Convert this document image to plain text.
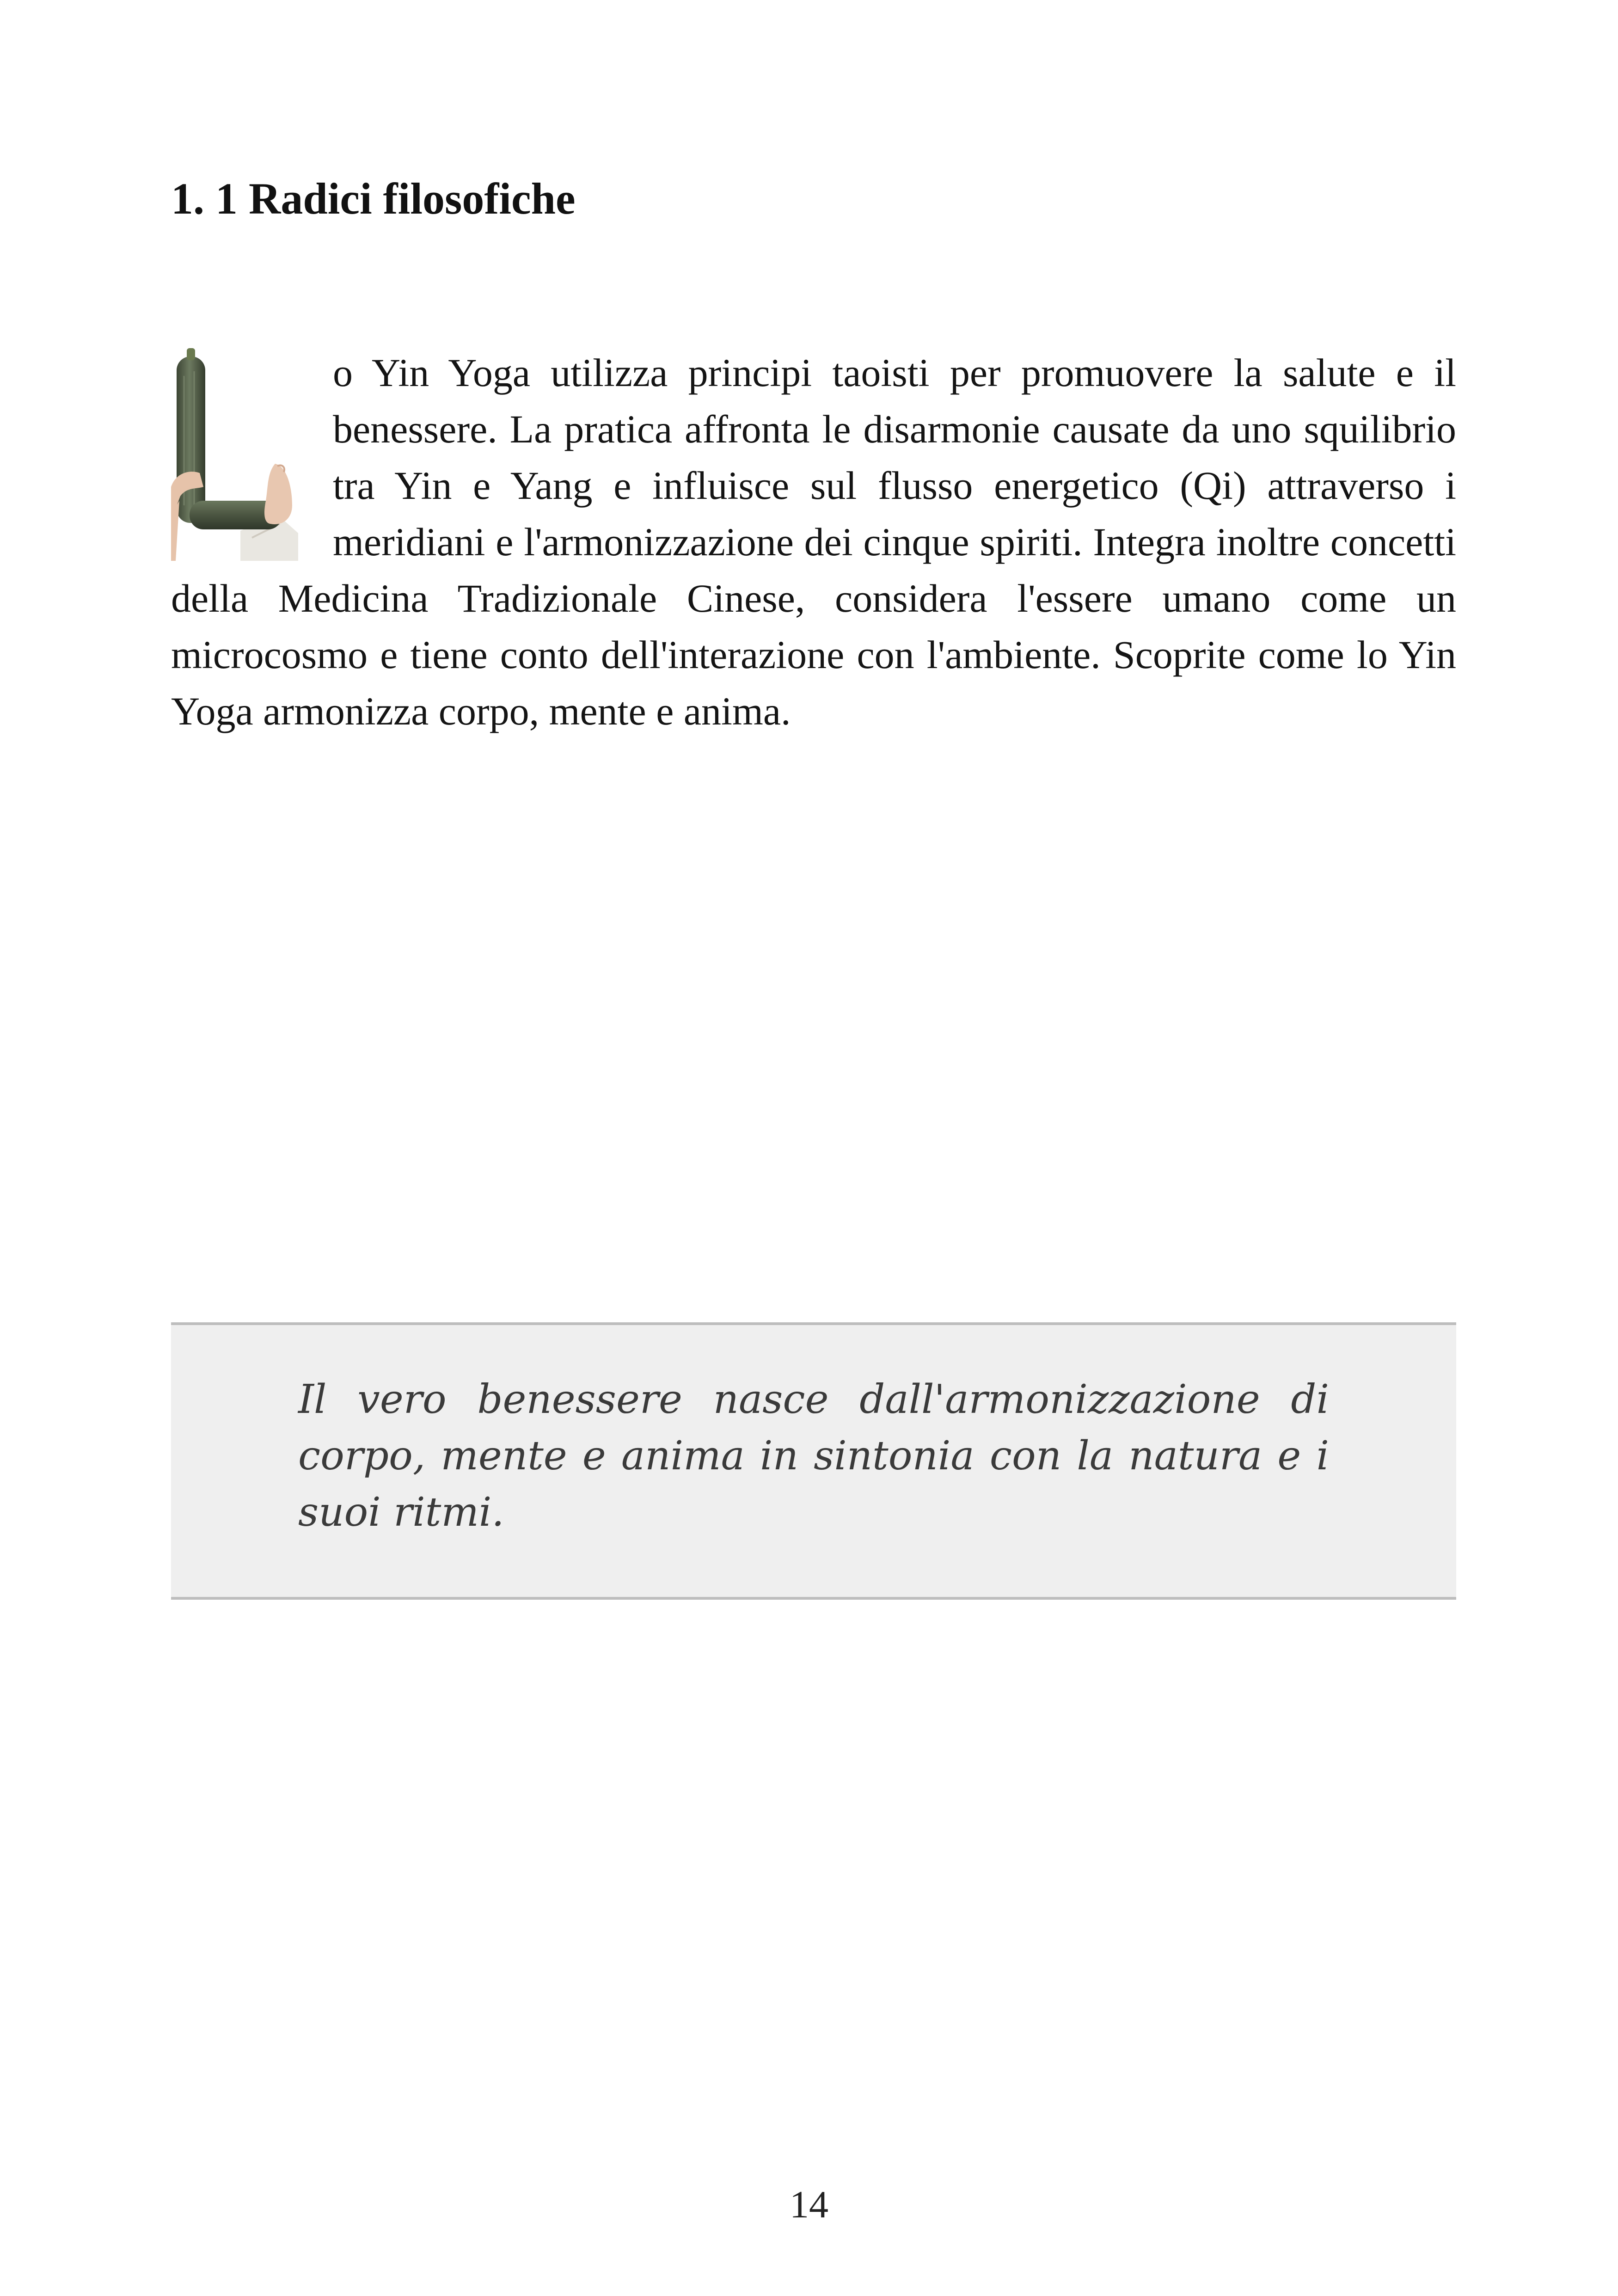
1. 1 Radici filosofiche
o Yin Yoga utilizza principi taoisti per promuovere la salute e il benessere. La pratica affronta le disarmonie causate da uno squilibrio tra Yin e Yang e influisce sul flusso energetico (Qi) attraverso i meridiani e l'armonizzazione dei cinque spiriti. Integra inoltre concetti della Medicina Tradizionale Cinese, considera l'essere umano come un microcosmo e tiene conto dell'interazione con l'ambiente. Scoprite come lo Yin Yoga armonizza corpo, mente e anima.

Il vero benessere nasce dall'armonizzazione di corpo, mente e anima in sintonia con la natura e i suoi ritmi.

14
